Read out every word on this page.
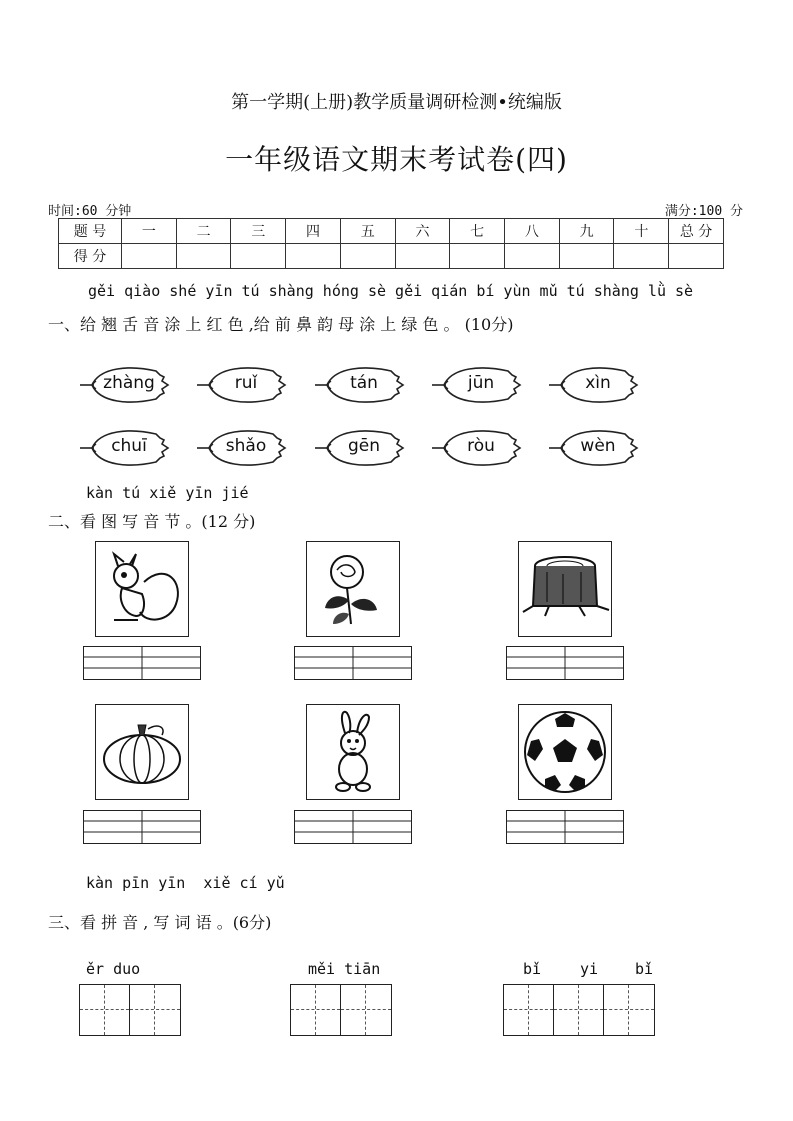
第一学期(上册)教学质量调研检测•统编版
一年级语文期末考试卷(四)
时间:60 分钟	满分:100 分
题 号	一	二	三	四	五	六	七	八	九	十	总 分
得 分											
gěi qiào shé yīn tú shàng hóng sè gěi qián bí yùn mǔ tú shàng lǜ sè
一、给 翘 舌 音 涂 上 红 色 ,给 前 鼻 韵 母 涂 上 绿 色 。 (10分)
zhàng	ruǐ	tán	jūn	xìn
chuī	shǎo	gēn	ròu	wèn
kàn tú xiě yīn jié
二、看 图 写 音 节 。(12 分)
kàn pīn yīn  xiě cí yǔ
三、看 拼 音 , 写 词 语 。(6分)
ěr duo	měi tiān	bǐ	yi bǐ
